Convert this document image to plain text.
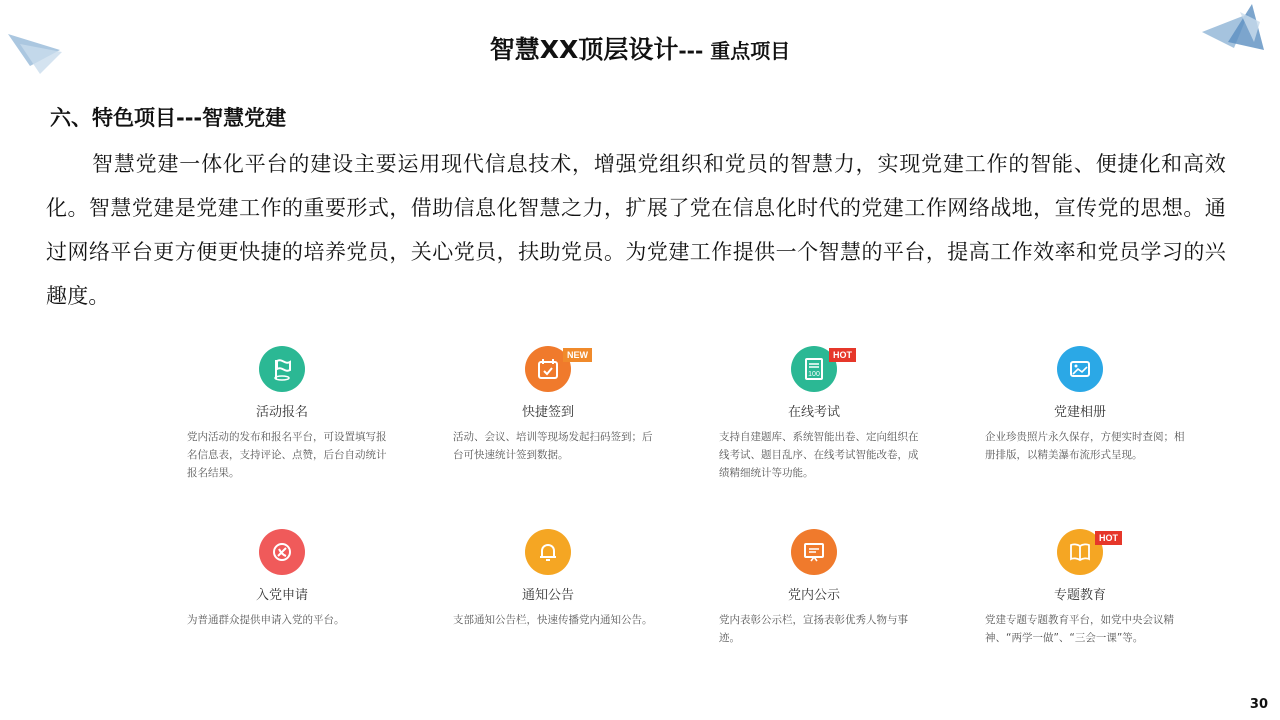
智慧XX顶层设计--- 重点项目
六、特色项目---智慧党建
智慧党建一体化平台的建设主要运用现代信息技术，增强党组织和党员的智慧力，实现党建工作的智能、便捷化和高效化。智慧党建是党建工作的重要形式，借助信息化智慧之力，扩展了党在信息化时代的党建工作网络战地，宣传党的思想。通过网络平台更方便更快捷的培养党员，关心党员，扶助党员。为党建工作提供一个智慧的平台，提高工作效率和党员学习的兴趣度。
活动报名
党内活动的发布和报名平台，可设置填写报名信息表，支持评论、点赞，后台自动统计报名结果。
NEW
快捷签到
活动、会议、培训等现场发起扫码签到；后台可快速统计签到数据。
100
HOT
在线考试
支持自建题库、系统智能出卷、定向组织在线考试、题目乱序、在线考试智能改卷，成绩精细统计等功能。
党建相册
企业珍贵照片永久保存，方便实时查阅；相册排版，以精美瀑布流形式呈现。
入党申请
为普通群众提供申请入党的平台。
通知公告
支部通知公告栏，快速传播党内通知公告。
党内公示
党内表彰公示栏，宣扬表彰优秀人物与事迹。
HOT
专题教育
党建专题专题教育平台，如党中央会议精神、“两学一做”、“三会一课”等。
30
